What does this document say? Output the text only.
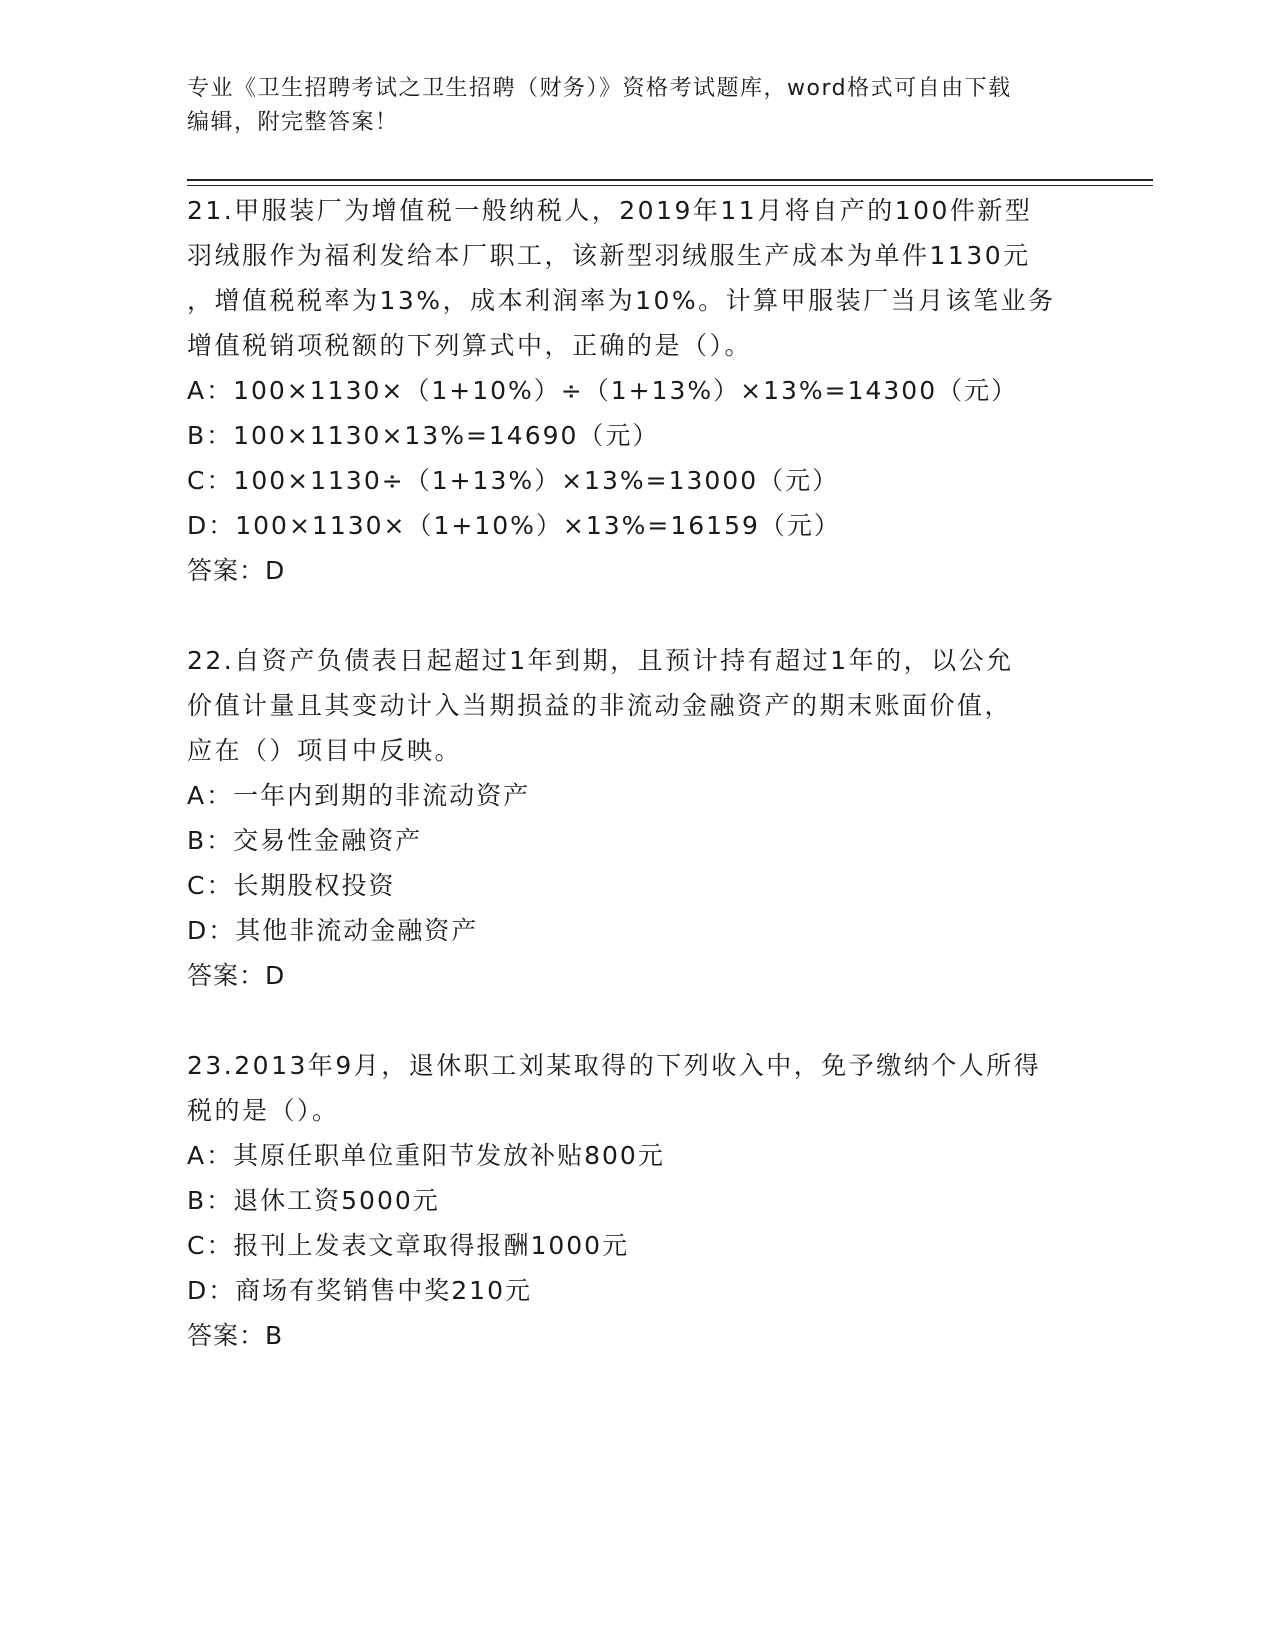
专业《卫生招聘考试之卫生招聘（财务）》资格考试题库，word格式可自由下载
编辑，附完整答案！
21.甲服装厂为增值税一般纳税人，2019年11月将自产的100件新型
羽绒服作为福利发给本厂职工，该新型羽绒服生产成本为单件1130元
，增值税税率为13%，成本利润率为10%。计算甲服装厂当月该笔业务
增值税销项税额的下列算式中，正确的是（）。
A：100×1130×（1+10%）÷（1+13%）×13%=14300（元）
B：100×1130×13%=14690（元）
C：100×1130÷（1+13%）×13%=13000（元）
D：100×1130×（1+10%）×13%=16159（元）
答案：D
22.自资产负债表日起超过1年到期，且预计持有超过1年的，以公允
价值计量且其变动计入当期损益的非流动金融资产的期末账面价值，
应在（）项目中反映。
A：一年内到期的非流动资产
B：交易性金融资产
C：长期股权投资
D：其他非流动金融资产
答案：D
23.2013年9月，退休职工刘某取得的下列收入中，免予缴纳个人所得
税的是（）。
A：其原任职单位重阳节发放补贴800元
B：退休工资5000元
C：报刊上发表文章取得报酬1000元
D：商场有奖销售中奖210元
答案：B
